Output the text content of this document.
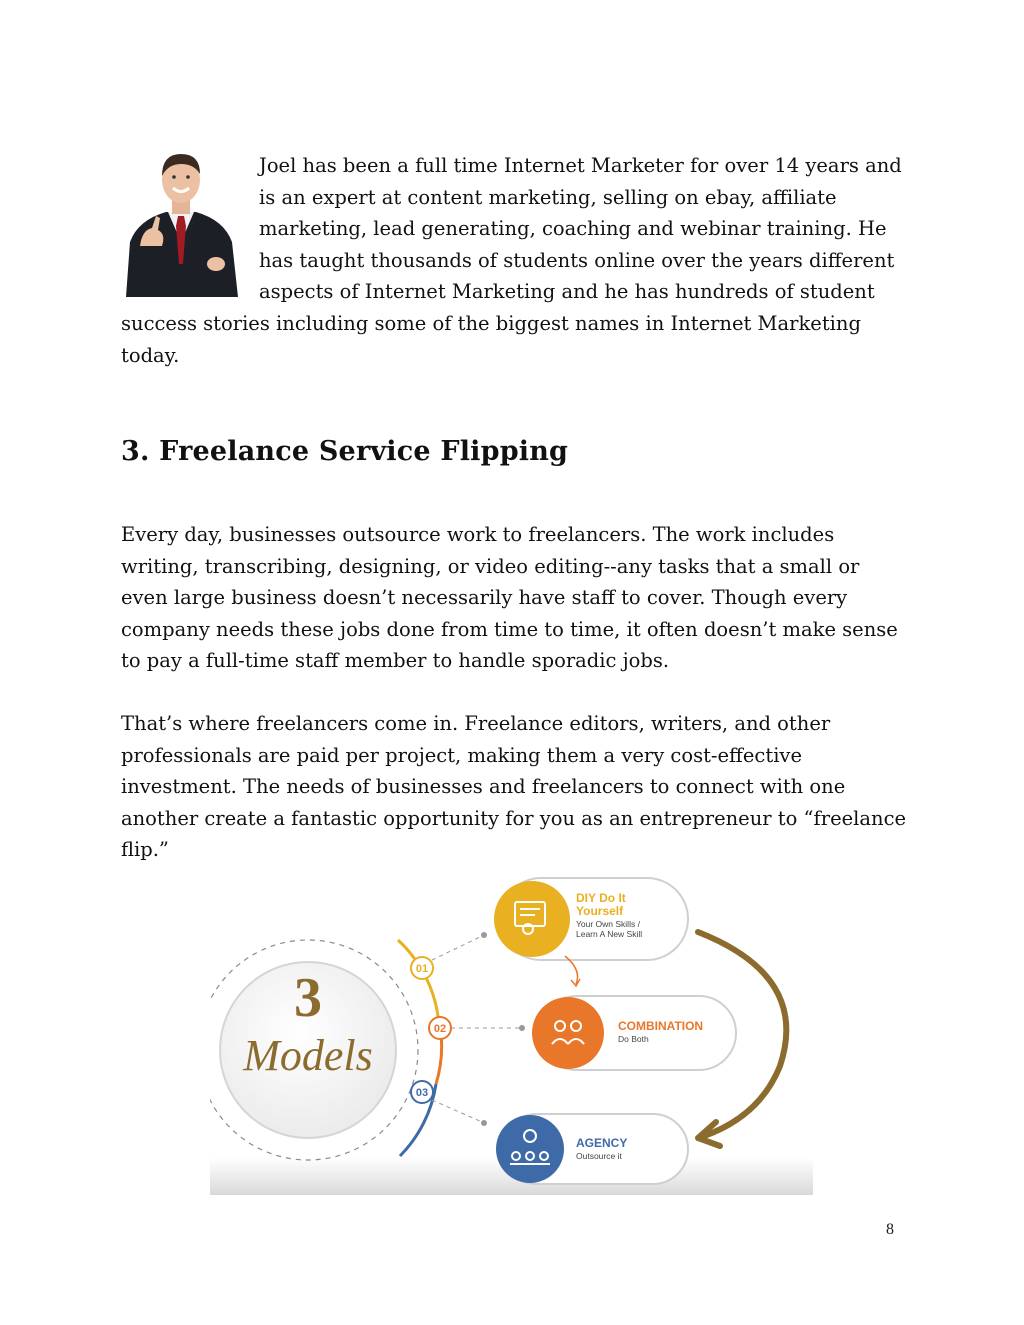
Joel has been a full time Internet Marketer for over 14 years and is an expert at content marketing, selling on ebay, affiliate marketing, lead generating, coaching and webinar training. He has taught thousands of students online over the years different aspects of Internet Marketing and he has hundreds of student success stories including some of the biggest names in Internet Marketing today.

3. Freelance Service Flipping

Every day, businesses outsource work to freelancers. The work includes writing, transcribing, designing, or video editing--any tasks that a small or even large business doesn’t necessarily have staff to cover. Though every company needs these jobs done from time to time, it often doesn’t make sense to pay a full-time staff member to handle sporadic jobs.

That’s where freelancers come in. Freelance editors, writers, and other professionals are paid per project, making them a very cost-effective investment. The needs of businesses and freelancers to connect with one another create a fantastic opportunity for you as an entrepreneur to “freelance flip.”

3
Models
01
02
03
DIY Do It
Yourself
Your Own Skills /
Learn A New Skill
COMBINATION
Do Both
AGENCY
Outsource it
8
